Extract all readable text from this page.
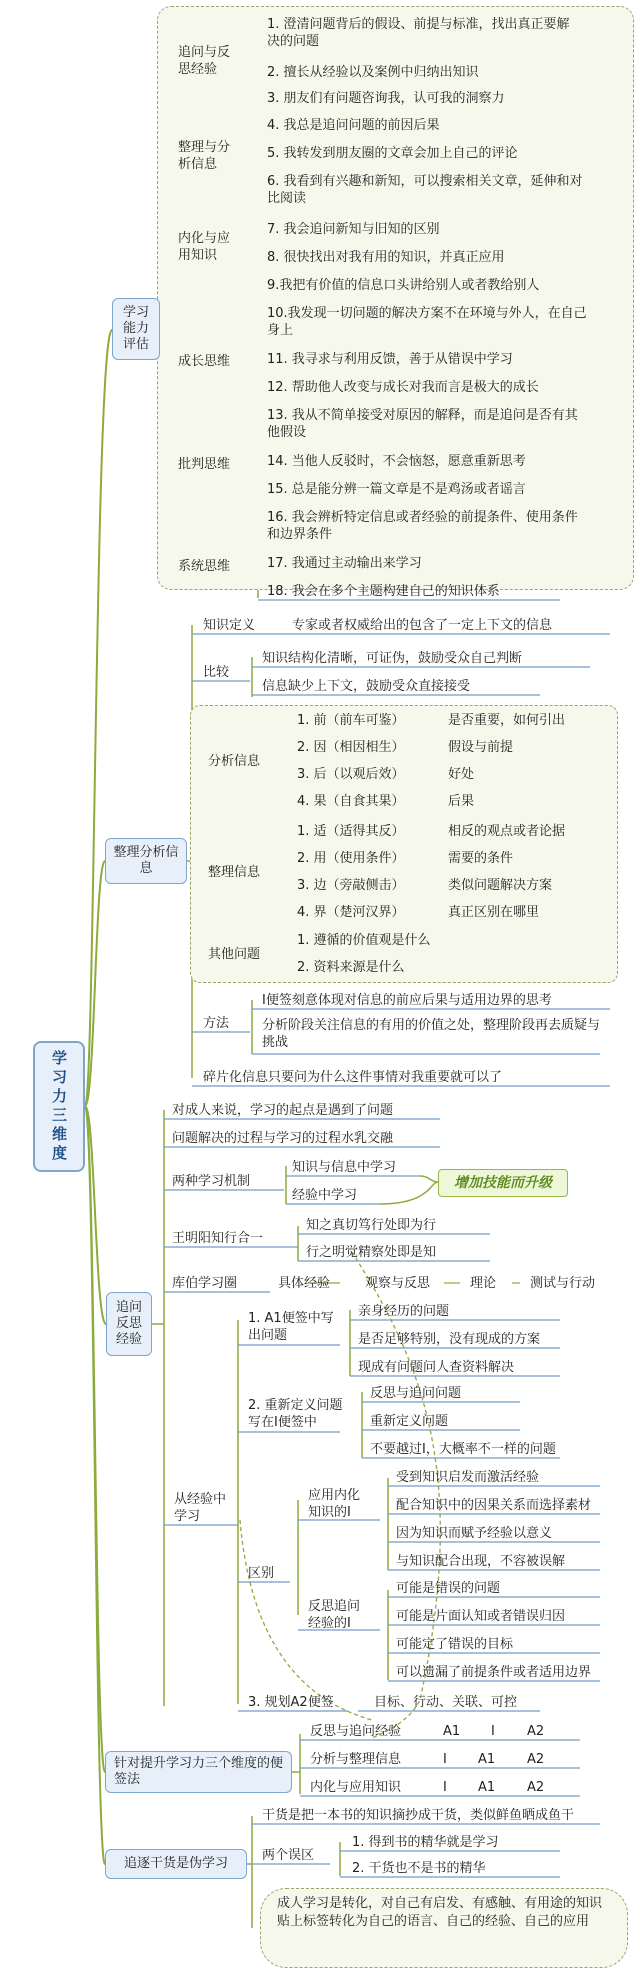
学习力三维度
学习能力评估
追问与反思经验
1. 澄清问题背后的假设、前提与标准，找出真正要解决的问题
2. 擅长从经验以及案例中归纳出知识
3. 朋友们有问题咨询我，认可我的洞察力
整理与分析信息
4. 我总是追问问题的前因后果
5. 我转发到朋友圈的文章会加上自己的评论
6. 我看到有兴趣和新知，可以搜索相关文章，延伸和对比阅读
内化与应用知识
7. 我会追问新知与旧知的区别
8. 很快找出对我有用的知识，并真正应用
9.我把有价值的信息口头讲给别人或者教给别人
成长思维
10.我发现一切问题的解决方案不在环境与外人，在自己身上
11. 我寻求与利用反馈，善于从错误中学习
12. 帮助他人改变与成长对我而言是极大的成长
批判思维
13. 我从不简单接受对原因的解释，而是追问是否有其他假设
14. 当他人反驳时，不会恼怒，愿意重新思考
15. 总是能分辨一篇文章是不是鸡汤或者谣言
系统思维
16. 我会辨析特定信息或者经验的前提条件、使用条件和边界条件
17. 我通过主动输出来学习
18. 我会在多个主题构建自己的知识体系
整理分析信息
知识定义	专家或者权威给出的包含了一定上下文的信息
比较
知识结构化清晰，可证伪，鼓励受众自己判断
信息缺少上下文，鼓励受众直接接受
分析信息
1. 前（前车可鉴）	是否重要，如何引出
2. 因（相因相生）	假设与前提
3. 后（以观后效）	好处
4. 果（自食其果）	后果
整理信息
1. 适（适得其反）	相反的观点或者论据
2. 用（使用条件）	需要的条件
3. 边（旁敲侧击）	类似问题解决方案
4. 界（楚河汉界）	真正区别在哪里
其他问题
1. 遵循的价值观是什么
2. 资料来源是什么
方法
I便签刻意体现对信息的前应后果与适用边界的思考
分析阶段关注信息的有用的价值之处，整理阶段再去质疑与挑战
碎片化信息只要问为什么这件事情对我重要就可以了
追问反思经验
对成人来说，学习的起点是遇到了问题
问题解决的过程与学习的过程水乳交融
两种学习机制
知识与信息中学习
经验中学习
增加技能而升级
王明阳知行合一
知之真切笃行处即为行
行之明觉精察处即是知
库伯学习圈	具体经验	观察与反思	理论	测试与行动
从经验中学习
1. A1便签中写出问题
亲身经历的问题
是否足够特别，没有现成的方案
现成有问题问人查资料解决
2. 重新定义问题写在I便签中
反思与追问问题
重新定义问题
不要越过I，大概率不一样的问题
区别
应用内化知识的I
受到知识启发而激活经验
配合知识中的因果关系而选择素材
因为知识而赋予经验以意义
与知识配合出现，不容被误解
反思追问经验的I
可能是错误的问题
可能是片面认知或者错误归因
可能定了错误的目标
可以遗漏了前提条件或者适用边界
3. 规划A2便签	目标、行动、关联、可控
针对提升学习力三个维度的便签法
反思与追问经验	A1 I A2
分析与整理信息	I A1 A2
内化与应用知识	I A1 A2
追逐干货是伪学习
干货是把一本书的知识摘抄成干货，类似鲜鱼晒成鱼干
两个误区
1. 得到书的精华就是学习
2. 干货也不是书的精华
成人学习是转化，对自己有启发、有感触、有用途的知识贴上标签转化为自己的语言、自己的经验、自己的应用
